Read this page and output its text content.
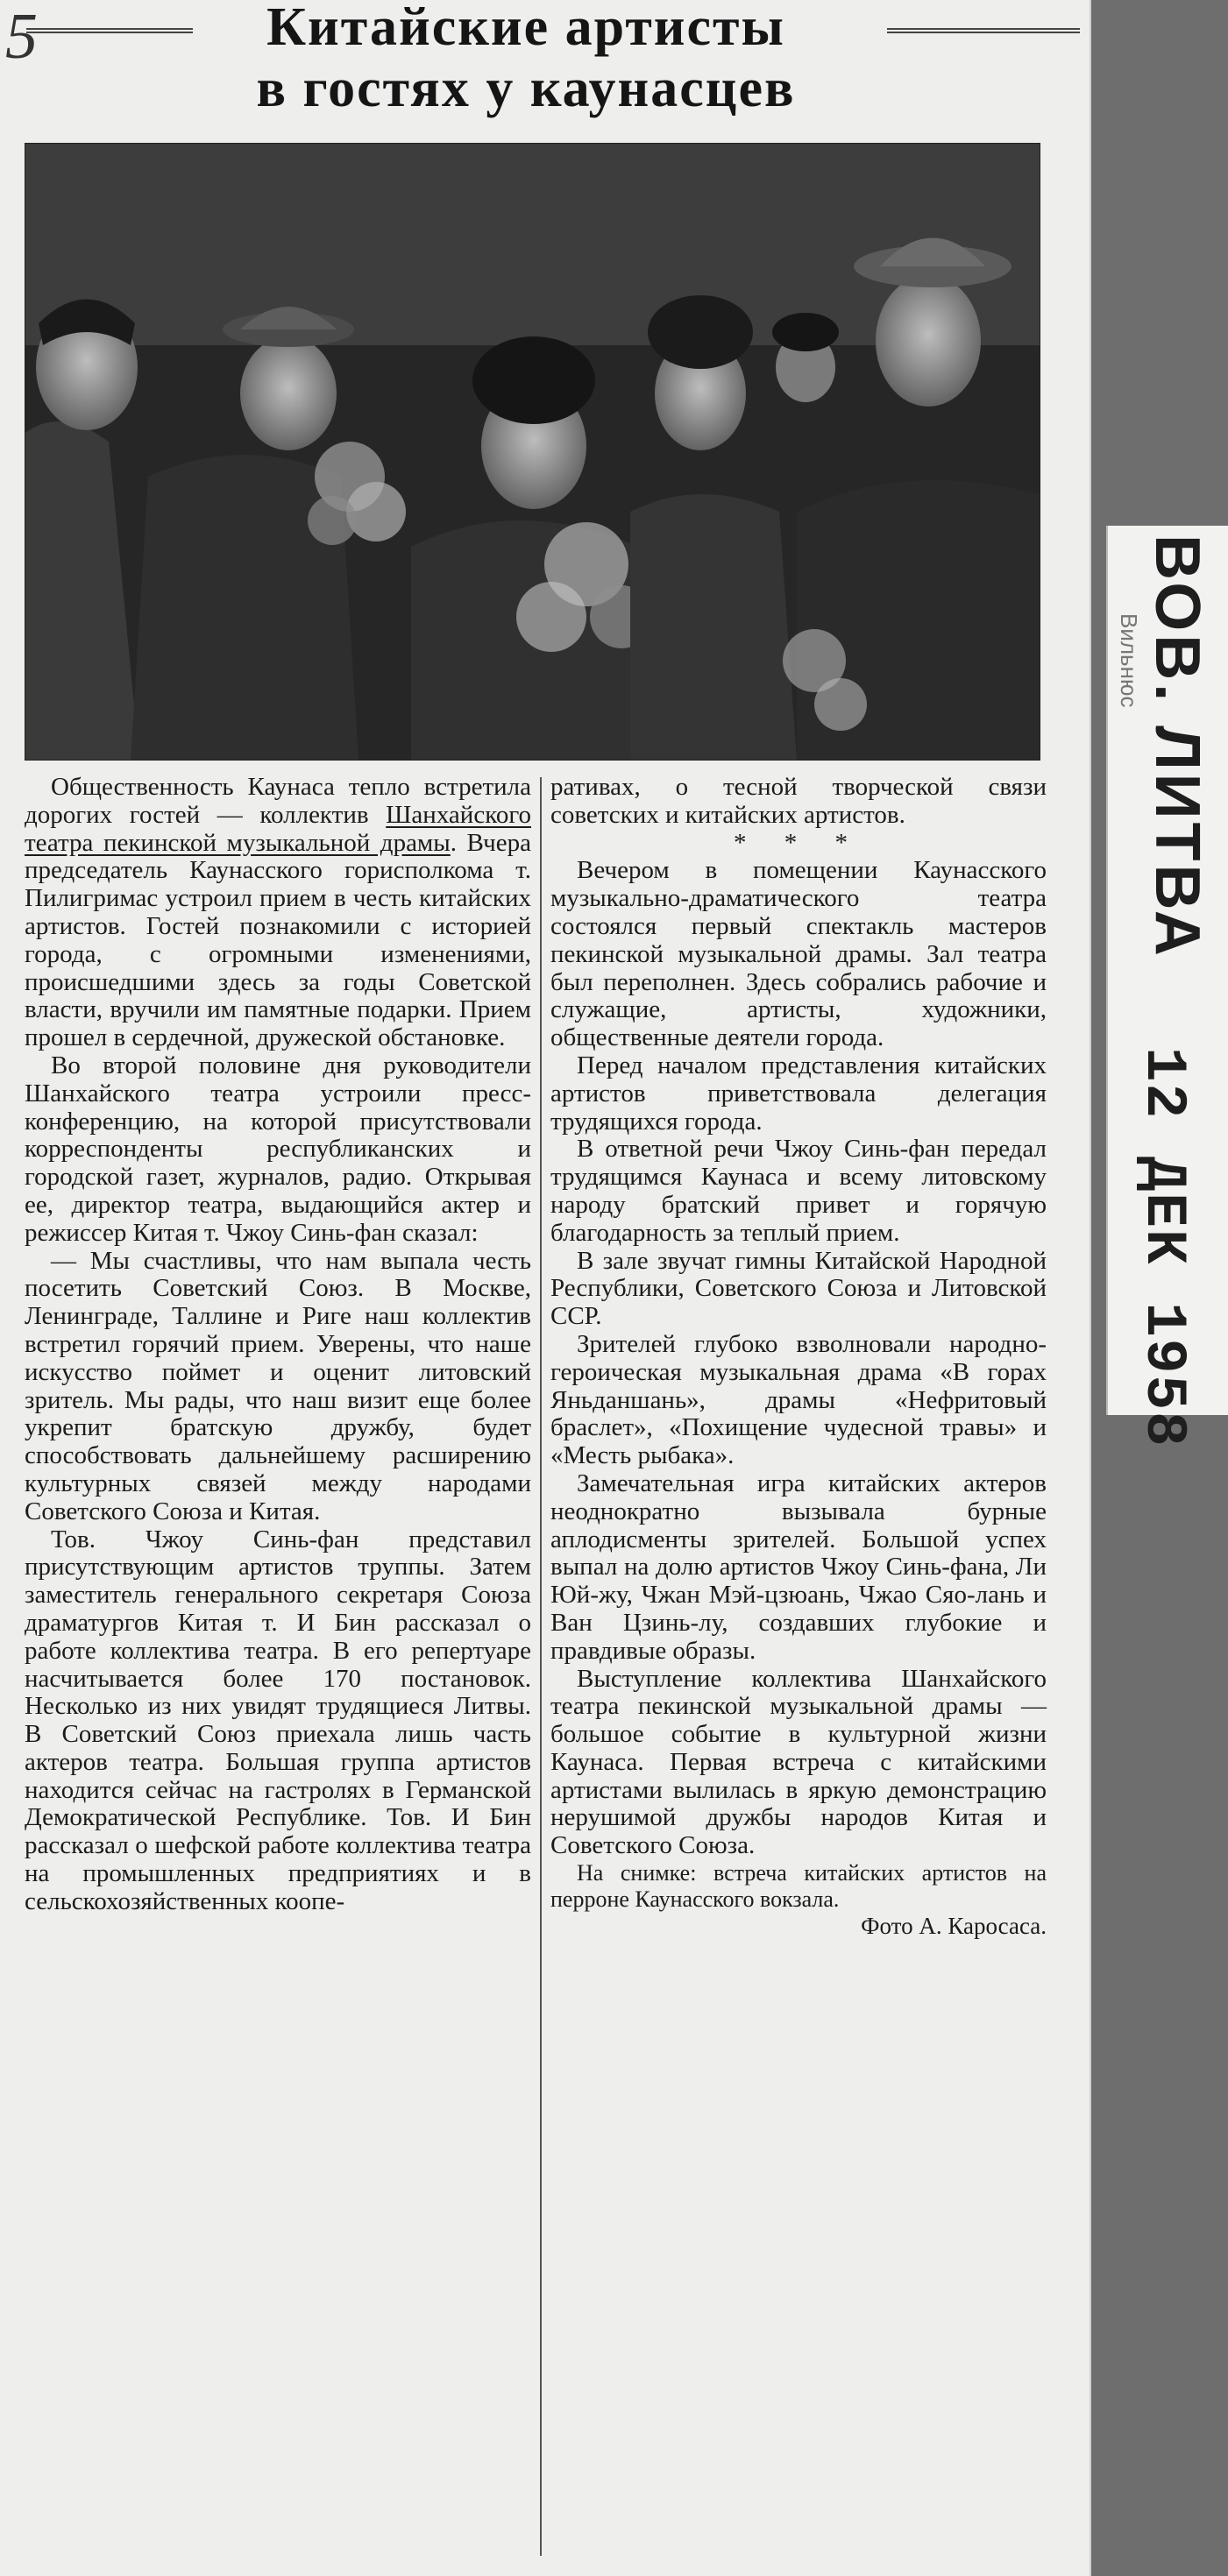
5	Китайские артисты
в гостях у каунасцев

Общественность Каунаса тепло встретила дорогих гостей — коллектив Шанхайского театра пекинской музыкальной драмы. Вчера председатель Каунасского горисполкома т. Пилигримас устроил прием в честь китайских артистов. Гостей познакомили с историей города, с огромными изменениями, происшедшими здесь за годы Советской власти, вручили им памятные подарки. Прием прошел в сердечной, дружеской обстановке.

Во второй половине дня руководители Шанхайского театра устроили пресс-конференцию, на которой присутствовали корреспонденты республиканских и городской газет, журналов, радио. Открывая ее, директор театра, выдающийся актер и режиссер Китая т. Чжоу Синь-фан сказал:

— Мы счастливы, что нам выпала честь посетить Советский Союз. В Москве, Ленинграде, Таллине и Риге наш коллектив встретил горячий прием. Уверены, что наше искусство поймет и оценит литовский зритель. Мы рады, что наш визит еще более укрепит братскую дружбу, будет способствовать дальнейшему расширению культурных связей между народами Советского Союза и Китая.

Тов. Чжоу Синь-фан представил присутствующим артистов труппы. Затем заместитель генерального секретаря Союза драматургов Китая т. И Бин рассказал о работе коллектива театра. В его репертуаре насчитывается более 170 постановок. Несколько из них увидят трудящиеся Литвы. В Советский Союз приехала лишь часть актеров театра. Большая группа артистов находится сейчас на гастролях в Германской Демократической Республике. Тов. И Бин рассказал о шефской работе коллектива театра на промышленных предприятиях и в сельскохозяйственных коопе-

ративах, о тесной творческой связи советских и китайских артистов.

* * *

Вечером в помещении Каунасского музыкально-драматического театра состоялся первый спектакль мастеров пекинской музыкальной драмы. Зал театра был переполнен. Здесь собрались рабочие и служащие, артисты, художники, общественные деятели города.

Перед началом представления китайских артистов приветствовала делегация трудящихся города.

В ответной речи Чжоу Синь-фан передал трудящимся Каунаса и всему литовскому народу братский привет и горячую благодарность за теплый прием.

В зале звучат гимны Китайской Народной Республики, Советского Союза и Литовской ССР.

Зрителей глубоко взволновали народно-героическая музыкальная драма «В горах Яньданшань», драмы «Нефритовый браслет», «Похищение чудесной травы» и «Месть рыбака».

Замечательная игра китайских актеров неоднократно вызывала бурные аплодисменты зрителей. Большой успех выпал на долю артистов Чжоу Синь-фана, Ли Юй-жу, Чжан Мэй-цзюань, Чжао Сяо-лань и Ван Цзинь-лу, создавших глубокие и правдивые образы.

Выступление коллектива Шанхайского театра пекинской музыкальной драмы — большое событие в культурной жизни Каунаса. Первая встреча с китайскими артистами вылилась в яркую демонстрацию нерушимой дружбы народов Китая и Советского Союза.

На снимке: встреча китайских артистов на перроне Каунасского вокзала.

Фото А. Каросаса.

ВОВ. ЛИТВА
Вильнюс
12 ДЕК 1958
